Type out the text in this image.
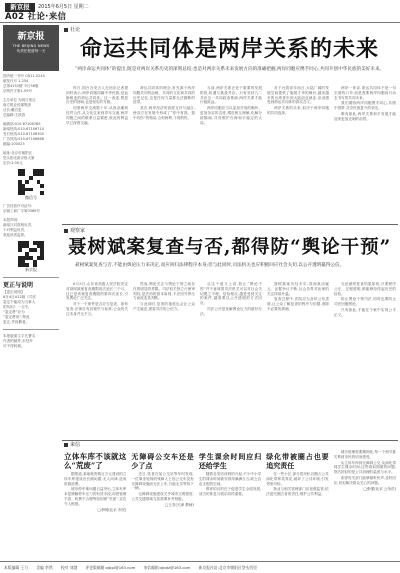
新京报	2015年6月5日 星期二
A02 社论·来信
新京报
THE BEIJING NEWS
负责任报道每一天
国内统一刊号 CN11-0245
邮发代号 1-254
总第4153期 今日56版
京网许字第1-09号
主办单位 光明日报社
南方报业传媒集团
社长:戴自更
总编辑:王跃春
编辑部:010-67106789
新闻热线:010-67106710
发行热线:010-67106300
广告热线:010-67106666
邮编:100023
地址:北京市朝阳区
垡头阳光新京报大厦
定价:1.00元
微信号
广告经营许可证号:
京朝工商广字第0369号
本报声明:
新闻只对真相负责,
不对利益负责,
欢迎读者监督。
新京报
更正与说明
【更正说明】
6月4日A12版《司法
鉴定不能成为当事人
的负担》一文中,
“鉴定费”应为
“鉴定费用”,特此
更正,并致歉意。
本报版面文字凡署名
作者的稿件,未经许
可不得转载。
社论
命运共同体是两岸关系的未来
“两岸命运共同体”的提出,既是对两岸关系历史的深刻总结,也是对两岸关系未来发展方向的准确把握,两岸同胞应携手同心,共同开创中华民族的美好未来。

昨日,国台办发言人在回应记者提问时表示,两岸同胞同属中华民族,是血脉相连的命运共同体。这一表述,既是历史的回响,也是现实的写照。

回望两岸交流数十年,从探亲潮到经贸合作,从文化往来到青年交流,两岸同胞之间的联系日益紧密,彼此的利益早已深度交融。

命运共同体的理念,首先源于两岸同胞共同的血缘、共同的文化和共同的历史记忆,这是任何力量都无法割断的纽带。

其次,两岸经济的高度互补与融合,使双方在发展中形成了“你中有我、我中有你”的格局,合则两利,斗则俱伤。

当前,两岸关系正处于重要的发展阶段,机遇与挑战并存。只有坚持九二共识这一共同政治基础,两岸关系才能行稳致远。

两岸同胞应当以更加开放的胸怀、更加务实的态度,增进相互理解,化解分歧隔阂,共同维护台海和平稳定的大局。

对于台湾青年而言,大陆广阔的发展空间提供了施展才华的舞台,越来越多的台湾青年到大陆创业就业,亲身感受到命运共同体的真实含义。

两岸关系的未来,取决于两岸同胞的共同选择。

两岸一家亲,命运共同体不是一句空洞的口号,而是需要两岸同胞用行动去书写的共同未来。

我们期待两岸同胞携手同心,共圆中国梦,共享民族复兴的荣光。

唯有如此,两岸关系和平发展才能迎来更加光明的前景。

观察家
聂树斌案复查与否,都得防“舆论干预”
聂树斌案复查与否,不能由舆论压力来决定,而应回归法律程序本身;但与此同时,司法机关也应积极回应社会关切,以公开透明赢得公信。

6月3日,山东省高级人民法院决定对聂树斌案复查期限再次延长三个月。这已是该案复查期限的第四次延长,引发舆论广泛关注。

对于一个案件是否应当复查、如何复查,法律自有其程序与标准,公众的关注本身并无不当。

然而,舆论关注与舆论干预之间存在着明显的界限。司法机关独立行使审判权,是法治的基本原则,不应因外界压力而改变其判断。

与此同时,复查的拖延也会让公众产生疑虑,损害司法的公信力。

从这个意义上说,防止“舆论干预”并不意味着司法机关可以对社会关切置之不理。恰恰相反,越是受到关注的案件,越需要以公开透明的方式回应。

司法公开是化解舆论压力的最好办法。

聂树斌案历经多年,其间真凶疑云、证据争议不断,社会各界对此案的关注持续升温。

复查过程中,法院应当及时公布进展,让公众了解复查的程序与依据,消除不必要的猜测。

无论最终复查结果如何,只要程序公正、过程透明,都能够经得起历史的检验。

防止舆论干预司法,同时也要防止司法回避舆论。

只有如此,才能在个案中实现公平正义。

来信
立体车库不该就这么“荒废”了

据报道,某地耗资数百万元建设的立体车库建成后长期闲置,无人问津,造成资源浪费。

城市停车难问题日益突出,立体车库本是缓解停车压力的有效手段,却因管理不善、收费不合理等原因被“荒废”,实在令人惋惜。

□李明(北京 市民)
无障碍公交车还是少了点

近日,笔者在某公交站等车时发现,一位乘坐轮椅的残障人士因公交车没有无障碍设施而无法上车,只能无奈等待下一辆。

无障碍设施建设关乎城市文明程度,公共交通领域尤其需要补齐短板。

□王芳(天津 教师)
学生课余时间应归还给学生

随着各类培训班的兴起,不少中小学生的课余时间被安排得满满当当,缺乏自由支配的空间。

教育的目的在于促进学生全面发展,适当的休息与娱乐同样重要。

绿化带被圈占也要追究责任

在一些小区,部分居民私自圈占公共绿化带种菜养花,破坏了公共环境,引发邻里纠纷。

物业与相关管理部门应加强监管,依法追究圈占者的责任,维护公共利益。

城市管理需要精细化,每一个细节都关系到市民的切身感受。

从立体车库到无障碍公交,从绿化带到学生课余时间,这些看似细微的问题,背后折射的是公共治理的温度与水平。

希望有关部门能够倾听民声,及时回应,切实解决群众关心的问题。

□张强(北京 公务员)
本版编辑 王力 美编 李然 校对 刘越 评论版邮箱:xjbpl@163.com 来信邮箱:xjbdz@163.com 新京报社址:北京市朝阳区垡头西里
